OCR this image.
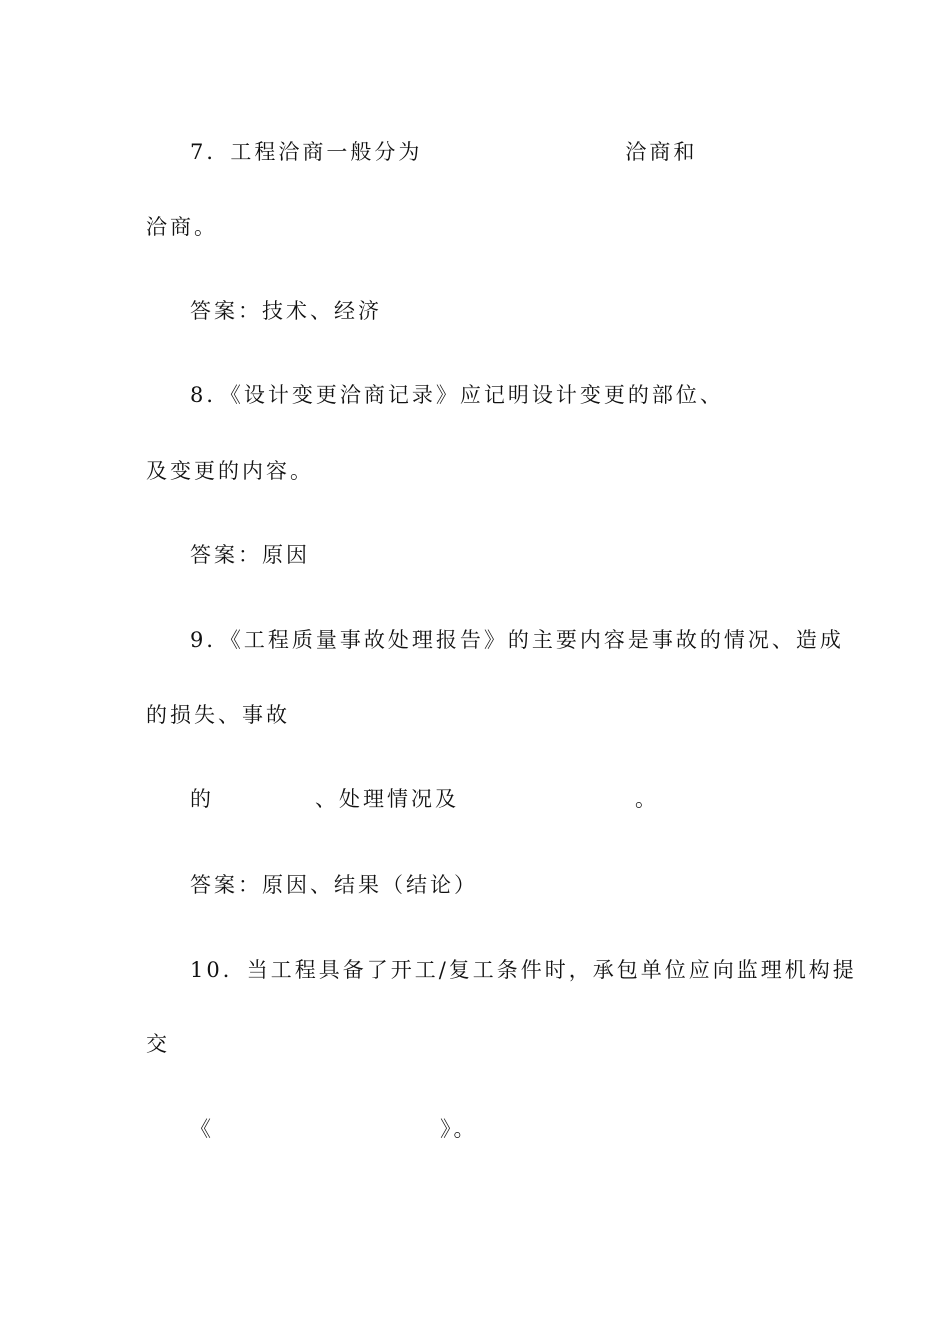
7．工程洽商一般分为	洽商和
洽商。
答案：技术、经济
8．《设计变更洽商记录》应记明设计变更的部位、
及变更的内容。
答案：原因
9．《工程质量事故处理报告》的主要内容是事故的情况、造成
的损失、事故
的	、处理情况及	。
答案：原因、结果（结论）
10．当工程具备了开工/复工条件时，承包单位应向监理机构提
交
《	》。
